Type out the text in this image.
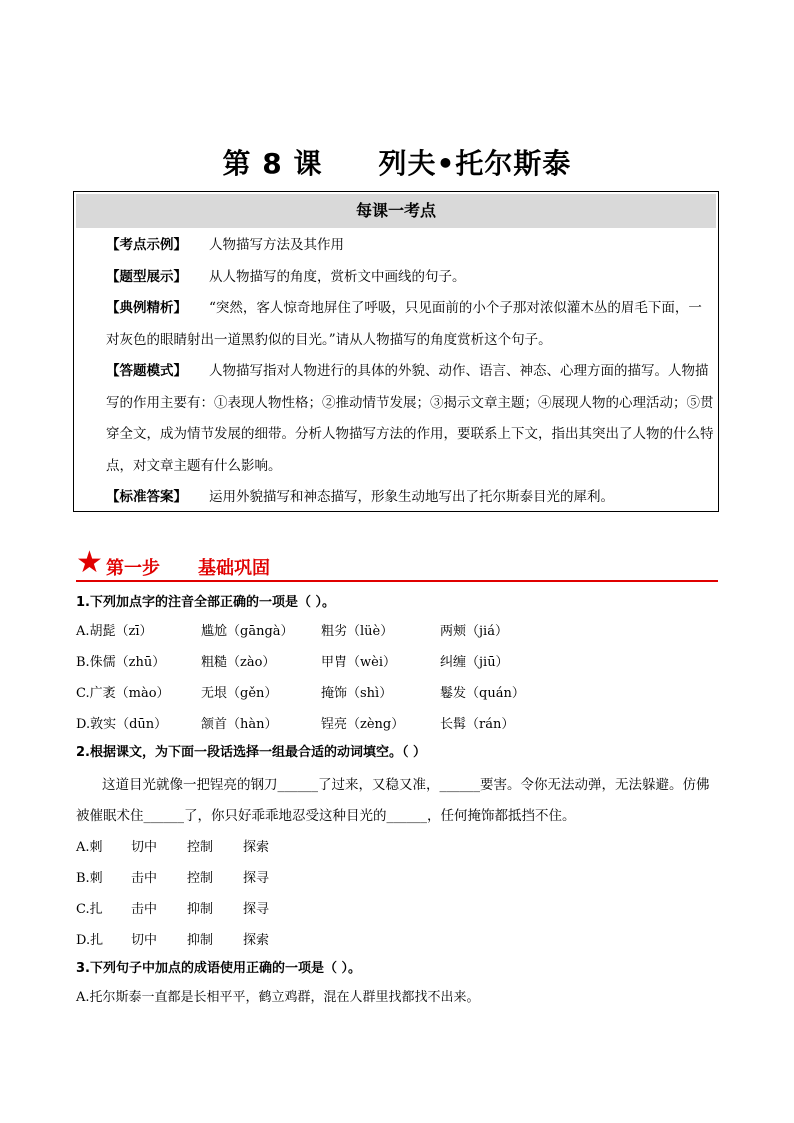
第 8 课 列夫•托尔斯泰
每课一考点

【考点示例】 人物描写方法及其作用

【题型展示】 从人物描写的角度，赏析文中画线的句子。

【典例精析】 “突然，客人惊奇地屏住了呼吸，只见面前的小个子那对浓似灌木丛的眉毛下面，一对灰色的眼睛射出一道黑豹似的目光。”请从人物描写的角度赏析这个句子。

【答题模式】 人物描写指对人物进行的具体的外貌、动作、语言、神态、心理方面的描写。人物描写的作用主要有：①表现人物性格；②推动情节发展；③揭示文章主题；④展现人物的心理活动；⑤贯穿全文，成为情节发展的细带。分析人物描写方法的作用，要联系上下文，指出其突出了人物的什么特点，对文章主题有什么影响。

【标准答案】 运用外貌描写和神态描写，形象生动地写出了托尔斯泰目光的犀利。

★ 第一步 基础巩固
1.下列加点字的注音全部正确的一项是（ ）。
A.胡髭（zī）	尴尬（gāngà） 粗劣（lüè）	两颊（jiá）
B.侏儒（zhū）	粗糙（zào）	甲胄（wèi）	纠缠（jiū）
C.广袤（mào） 无垠（gěn）	掩饰（shì）	鬈发（quán）
D.敦实（dūn）	颔首（hàn）	锃亮（zèng）	长髯（rán）
2.根据课文，为下面一段话选择一组最合适的动词填空。（ ）

这道目光就像一把锃亮的钢刀______了过来，又稳又准，______要害。令你无法动弹，无法躲避。仿佛被催眠术住______了，你只好乖乖地忍受这种目光的______，任何掩饰都抵挡不住。

A.刺 切中 控制 探索
B.刺 击中 控制 探寻
C.扎 击中 抑制 探寻
D.扎 切中 抑制 探索
3.下列句子中加点的成语使用正确的一项是（ ）。
A.托尔斯泰一直都是长相平平，鹤立鸡群，混在人群里找都找不出来。
